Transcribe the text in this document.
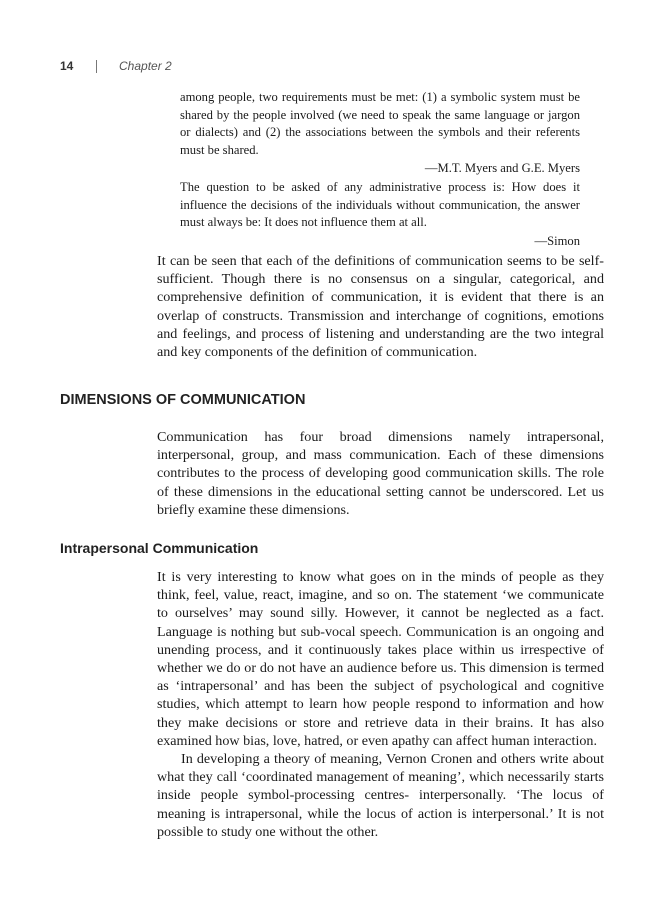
14	Chapter 2
among people, two requirements must be met: (1) a symbolic system must be shared by the people involved (we need to speak the same language or jargon or dialects) and (2) the associations between the symbols and their referents must be shared.
—M.T. Myers and G.E. Myers
The question to be asked of any administrative process is: How does it influence the decisions of the individuals without communication, the answer must always be: It does not influence them at all.
—Simon

It can be seen that each of the definitions of communication seems to be self-sufficient. Though there is no consensus on a singular, categorical, and comprehensive definition of communication, it is evident that there is an overlap of constructs. Transmission and interchange of cognitions, emotions and feelings, and process of listening and understanding are the two integral and key components of the definition of communication.

DIMENSIONS OF COMMUNICATION

Communication has four broad dimensions namely intrapersonal, interpersonal, group, and mass communication. Each of these dimensions contributes to the process of developing good communication skills. The role of these dimensions in the educational setting cannot be underscored. Let us briefly examine these dimensions.

Intrapersonal Communication

It is very interesting to know what goes on in the minds of people as they think, feel, value, react, imagine, and so on. The statement ‘we communicate to ourselves’ may sound silly. However, it cannot be neglected as a fact. Language is nothing but sub-vocal speech. Communication is an ongoing and unending process, and it continuously takes place within us irrespective of whether we do or do not have an audience before us. This dimension is termed as ‘intrapersonal’ and has been the subject of psychological and cognitive studies, which attempt to learn how people respond to information and how they make decisions or store and retrieve data in their brains. It has also examined how bias, love, hatred, or even apathy can affect human interaction.

In developing a theory of meaning, Vernon Cronen and others write about what they call ‘coordinated management of meaning’, which necessarily starts inside people symbol-processing centres- interpersonally. ‘The locus of meaning is intrapersonal, while the locus of action is interpersonal.’ It is not possible to study one without the other.
